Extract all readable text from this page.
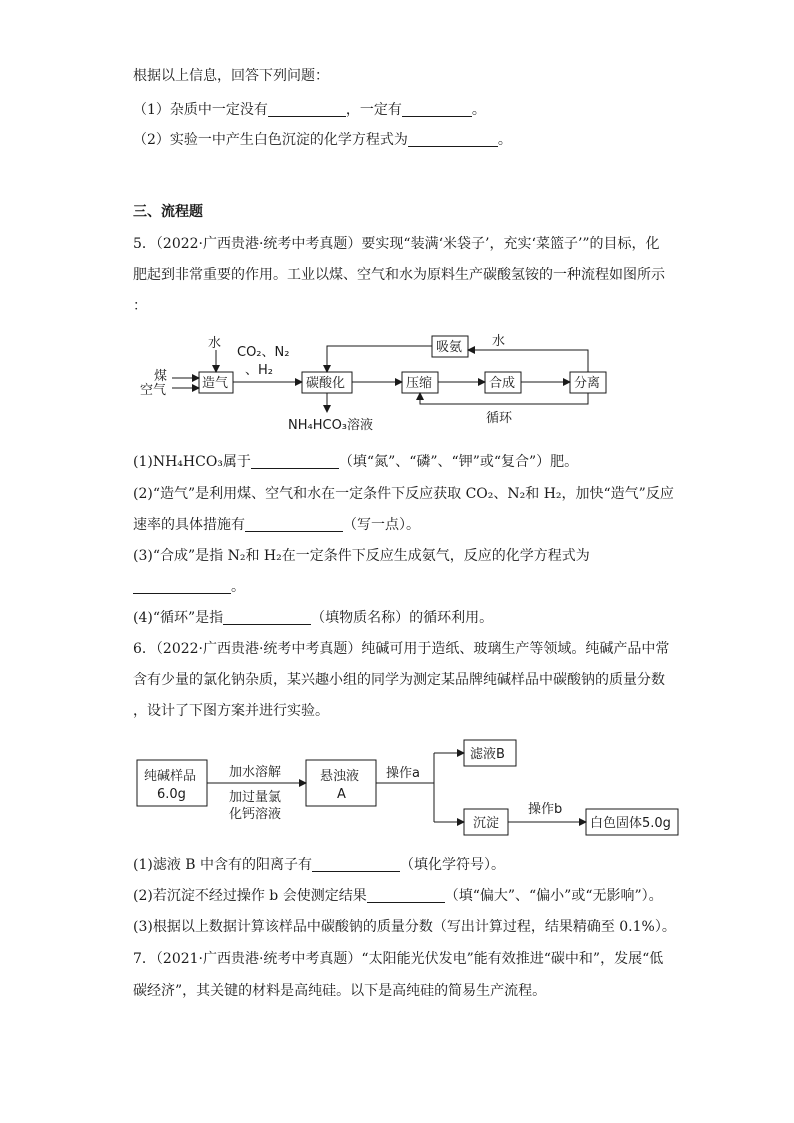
根据以上信息，回答下列问题：
（1）杂质中一定没有	，一定有	。
（2）实验一中产生白色沉淀的化学方程式为	。
三、流程题
5．（2022·广西贵港·统考中考真题）要实现“装满‘米袋子’，充实‘菜篮子’”的目标，化
肥起到非常重要的作用。工业以煤、空气和水为原料生产碳酸氢铵的一种流程如图所示
：
煤
空气
水
造气
CO₂、N₂
、H₂
碳酸化
NH₄HCO₃溶液
压缩	合成	分离
吸氨 水
循环
(1)NH₄HCO₃属于	（填“氮”、“磷”、“钾”或“复合”）肥。
(2)“造气”是利用煤、空气和水在一定条件下反应获取 CO₂、N₂和 H₂，加快“造气”反应
速率的具体措施有	（写一点）。
(3)“合成”是指 N₂和 H₂在一定条件下反应生成氨气，反应的化学方程式为
。
(4)“循环”是指	（填物质名称）的循环利用。
6．（2022·广西贵港·统考中考真题）纯碱可用于造纸、玻璃生产等领域。纯碱产品中常
含有少量的氯化钠杂质，某兴趣小组的同学为测定某品牌纯碱样品中碳酸钠的质量分数
，设计了下图方案并进行实验。
纯碱样品
6.0g
加水溶解
加过量氯
化钙溶液
悬浊液
A
操作a
滤液B
沉淀
操作b
白色固体5.0g
(1)滤液 B 中含有的阳离子有	（填化学符号）。
(2)若沉淀不经过操作 b 会使测定结果	（填“偏大”、“偏小”或“无影响”）。
(3)根据以上数据计算该样品中碳酸钠的质量分数（写出计算过程，结果精确至 0.1%）。
7．（2021·广西贵港·统考中考真题）“太阳能光伏发电”能有效推进“碳中和”，发展“低
碳经济”，其关键的材料是高纯硅。以下是高纯硅的简易生产流程。
